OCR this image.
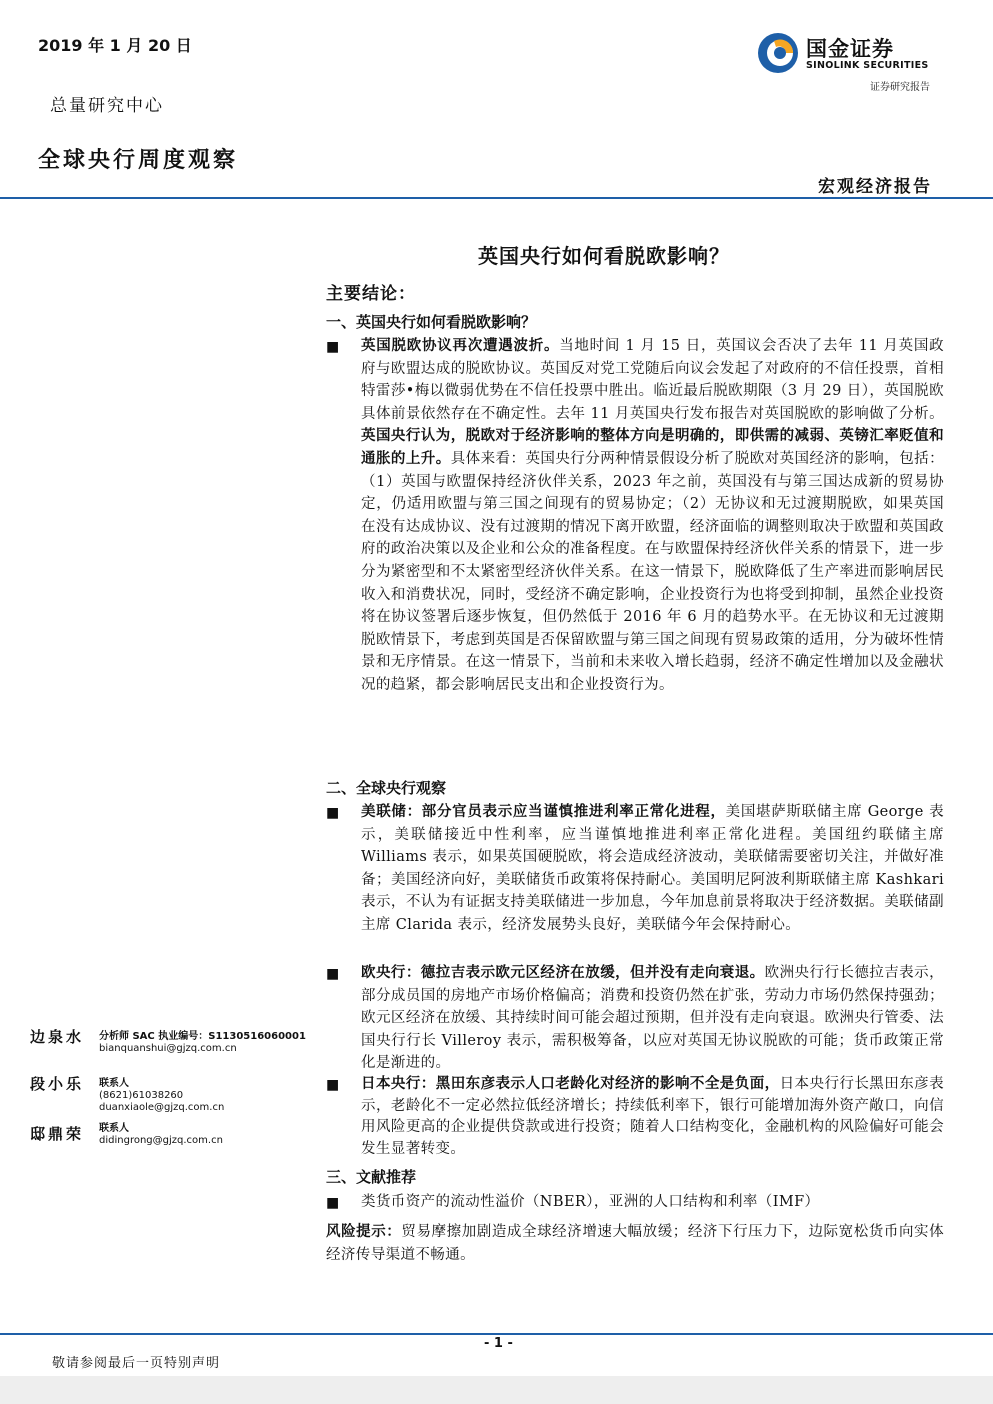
2019 年 1 月 20 日
总量研究中心
全球央行周度观察
国金证券
SINOLINK SECURITIES
证券研究报告
宏观经济报告
英国央行如何看脱欧影响？
主要结论：
一、英国央行如何看脱欧影响？
■ 英国脱欧协议再次遭遇波折。当地时间 1 月 15 日，英国议会否决了去年 11 月英国政府与欧盟达成的脱欧协议。英国反对党工党随后向议会发起了对政府的不信任投票，首相特雷莎•梅以微弱优势在不信任投票中胜出。临近最后脱欧期限（3 月 29 日），英国脱欧具体前景依然存在不确定性。去年 11 月英国央行发布报告对英国脱欧的影响做了分析。英国央行认为，脱欧对于经济影响的整体方向是明确的，即供需的减弱、英镑汇率贬值和通胀的上升。具体来看：英国央行分两种情景假设分析了脱欧对英国经济的影响，包括：（1）英国与欧盟保持经济伙伴关系，2023 年之前，英国没有与第三国达成新的贸易协定，仍适用欧盟与第三国之间现有的贸易协定；（2）无协议和无过渡期脱欧，如果英国在没有达成协议、没有过渡期的情况下离开欧盟，经济面临的调整则取决于欧盟和英国政府的政治决策以及企业和公众的准备程度。在与欧盟保持经济伙伴关系的情景下，进一步分为紧密型和不太紧密型经济伙伴关系。在这一情景下，脱欧降低了生产率进而影响居民收入和消费状况，同时，受经济不确定影响，企业投资行为也将受到抑制，虽然企业投资将在协议签署后逐步恢复，但仍然低于 2016 年 6 月的趋势水平。在无协议和无过渡期脱欧情景下，考虑到英国是否保留欧盟与第三国之间现有贸易政策的适用，分为破坏性情景和无序情景。在这一情景下，当前和未来收入增长趋弱，经济不确定性增加以及金融状况的趋紧，都会影响居民支出和企业投资行为。
二、全球央行观察
■ 美联储：部分官员表示应当谨慎推进利率正常化进程，美国堪萨斯联储主席 George 表示，美联储接近中性利率，应当谨慎地推进利率正常化进程。美国纽约联储主席 Williams 表示，如果英国硬脱欧，将会造成经济波动，美联储需要密切关注，并做好准备；美国经济向好，美联储货币政策将保持耐心。美国明尼阿波利斯联储主席 Kashkari 表示，不认为有证据支持美联储进一步加息，今年加息前景将取决于经济数据。美联储副主席 Clarida 表示，经济发展势头良好，美联储今年会保持耐心。
■ 欧央行：德拉吉表示欧元区经济在放缓，但并没有走向衰退。欧洲央行行长德拉吉表示，部分成员国的房地产市场价格偏高；消费和投资仍然在扩张，劳动力市场仍然保持强劲；欧元区经济在放缓、其持续时间可能会超过预期，但并没有走向衰退。欧洲央行管委、法国央行行长 Villeroy 表示，需积极筹备，以应对英国无协议脱欧的可能；货币政策正常化是渐进的。
■ 日本央行：黑田东彦表示人口老龄化对经济的影响不全是负面，日本央行行长黑田东彦表示，老龄化不一定必然拉低经济增长；持续低利率下，银行可能增加海外资产敞口，向信用风险更高的企业提供贷款或进行投资；随着人口结构变化，金融机构的风险偏好可能会发生显著转变。
三、文献推荐
■ 类货币资产的流动性溢价（NBER），亚洲的人口结构和利率（IMF）
风险提示：贸易摩擦加剧造成全球经济增速大幅放缓；经济下行压力下，边际宽松货币向实体经济传导渠道不畅通。
边泉水 分析师 SAC 执业编号：S1130516060001
bianquanshui@gjzq.com.cn
段小乐 联系人
(8621)61038260
duanxiaole@gjzq.com.cn
邸鼎荣 联系人
didingrong@gjzq.com.cn
- 1 -
敬请参阅最后一页特别声明
